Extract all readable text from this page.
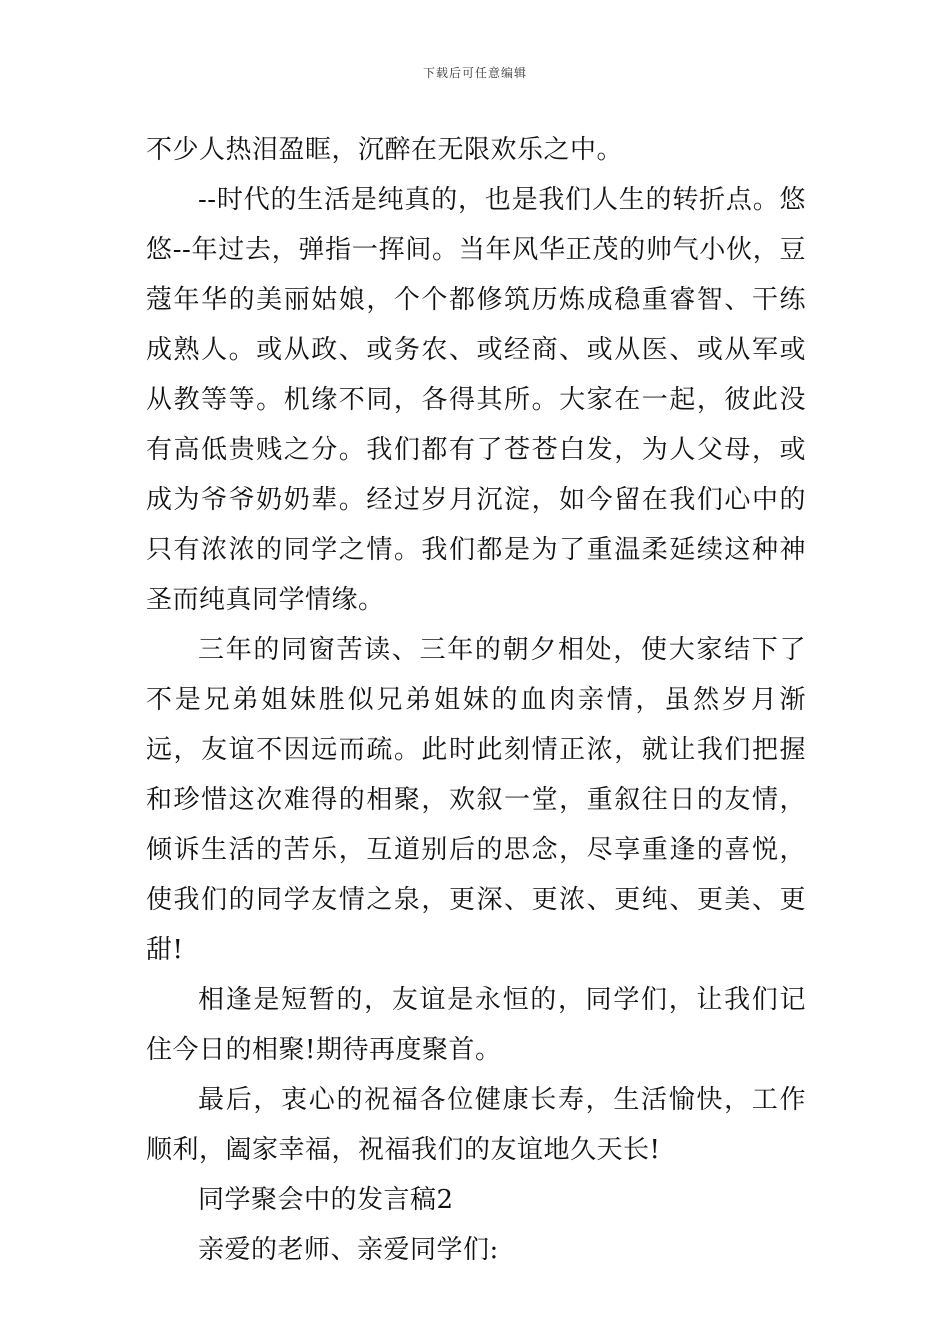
下载后可任意编辑

不少人热泪盈眶，沉醉在无限欢乐之中。

--时代的生活是纯真的，也是我们人生的转折点。悠悠--年过去，弹指一挥间。当年风华正茂的帅气小伙，豆蔻年华的美丽姑娘，个个都修筑历炼成稳重睿智、干练成熟人。或从政、或务农、或经商、或从医、或从军或从教等等。机缘不同，各得其所。大家在一起，彼此没有高低贵贱之分。我们都有了苍苍白发，为人父母，或成为爷爷奶奶辈。经过岁月沉淀，如今留在我们心中的只有浓浓的同学之情。我们都是为了重温柔延续这种神圣而纯真同学情缘。

三年的同窗苦读、三年的朝夕相处，使大家结下了不是兄弟姐妹胜似兄弟姐妹的血肉亲情，虽然岁月渐远，友谊不因远而疏。此时此刻情正浓，就让我们把握和珍惜这次难得的相聚，欢叙一堂，重叙往日的友情，倾诉生活的苦乐，互道别后的思念，尽享重逢的喜悦，使我们的同学友情之泉，更深、更浓、更纯、更美、更甜!

相逢是短暂的，友谊是永恒的，同学们，让我们记住今日的相聚!期待再度聚首。

最后，衷心的祝福各位健康长寿，生活愉快，工作顺利，阖家幸福，祝福我们的友谊地久天长!

同学聚会中的发言稿2

亲爱的老师、亲爱同学们:
